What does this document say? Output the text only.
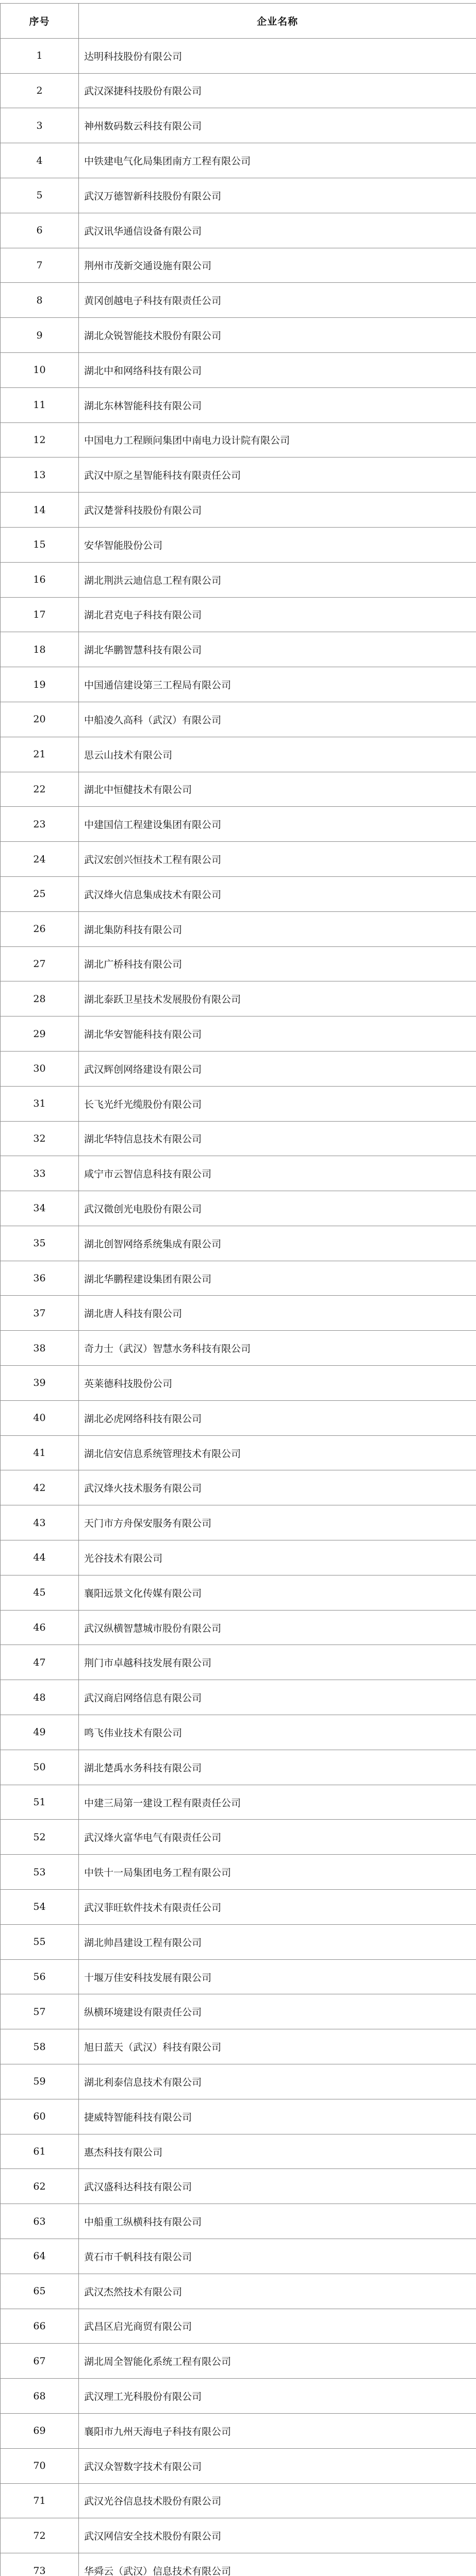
序号	企业名称
1	达明科技股份有限公司
2	武汉深捷科技股份有限公司
3	神州数码数云科技有限公司
4	中铁建电气化局集团南方工程有限公司
5	武汉万德智新科技股份有限公司
6	武汉讯华通信设备有限公司
7	荆州市茂新交通设施有限公司
8	黄冈创越电子科技有限责任公司
9	湖北众锐智能技术股份有限公司
10	湖北中和网络科技有限公司
11	湖北东林智能科技有限公司
12	中国电力工程顾问集团中南电力设计院有限公司
13	武汉中原之星智能科技有限责任公司
14	武汉楚誉科技股份有限公司
15	安华智能股份公司
16	湖北荆洪云迪信息工程有限公司
17	湖北君克电子科技有限公司
18	湖北华鹏智慧科技有限公司
19	中国通信建设第三工程局有限公司
20	中船凌久高科（武汉）有限公司
21	思云山技术有限公司
22	湖北中恒健技术有限公司
23	中建国信工程建设集团有限公司
24	武汉宏创兴恒技术工程有限公司
25	武汉烽火信息集成技术有限公司
26	湖北集防科技有限公司
27	湖北广桥科技有限公司
28	湖北泰跃卫星技术发展股份有限公司
29	湖北华安智能科技有限公司
30	武汉辉创网络建设有限公司
31	长飞光纤光缆股份有限公司
32	湖北华特信息技术有限公司
33	咸宁市云智信息科技有限公司
34	武汉微创光电股份有限公司
35	湖北创智网络系统集成有限公司
36	湖北华鹏程建设集团有限公司
37	湖北唐人科技有限公司
38	奇力士（武汉）智慧水务科技有限公司
39	英莱德科技股份公司
40	湖北必虎网络科技有限公司
41	湖北信安信息系统管理技术有限公司
42	武汉烽火技术服务有限公司
43	天门市方舟保安服务有限公司
44	光谷技术有限公司
45	襄阳远景文化传媒有限公司
46	武汉纵横智慧城市股份有限公司
47	荆门市卓越科技发展有限公司
48	武汉商启网络信息有限公司
49	鸣飞伟业技术有限公司
50	湖北楚禹水务科技有限公司
51	中建三局第一建设工程有限责任公司
52	武汉烽火富华电气有限责任公司
53	中铁十一局集团电务工程有限公司
54	武汉菲旺软件技术有限责任公司
55	湖北帅昌建设工程有限公司
56	十堰万佳安科技发展有限公司
57	纵横环境建设有限责任公司
58	旭日蓝天（武汉）科技有限公司
59	湖北利泰信息技术有限公司
60	捷威特智能科技有限公司
61	惠杰科技有限公司
62	武汉盛科达科技有限公司
63	中船重工纵横科技有限公司
64	黄石市千帆科技有限公司
65	武汉杰然技术有限公司
66	武昌区启光商贸有限公司
67	湖北周全智能化系统工程有限公司
68	武汉理工光科股份有限公司
69	襄阳市九州天海电子科技有限公司
70	武汉众智数字技术有限公司
71	武汉光谷信息技术股份有限公司
72	武汉网信安全技术股份有限公司
73	华舜云（武汉）信息技术有限公司
